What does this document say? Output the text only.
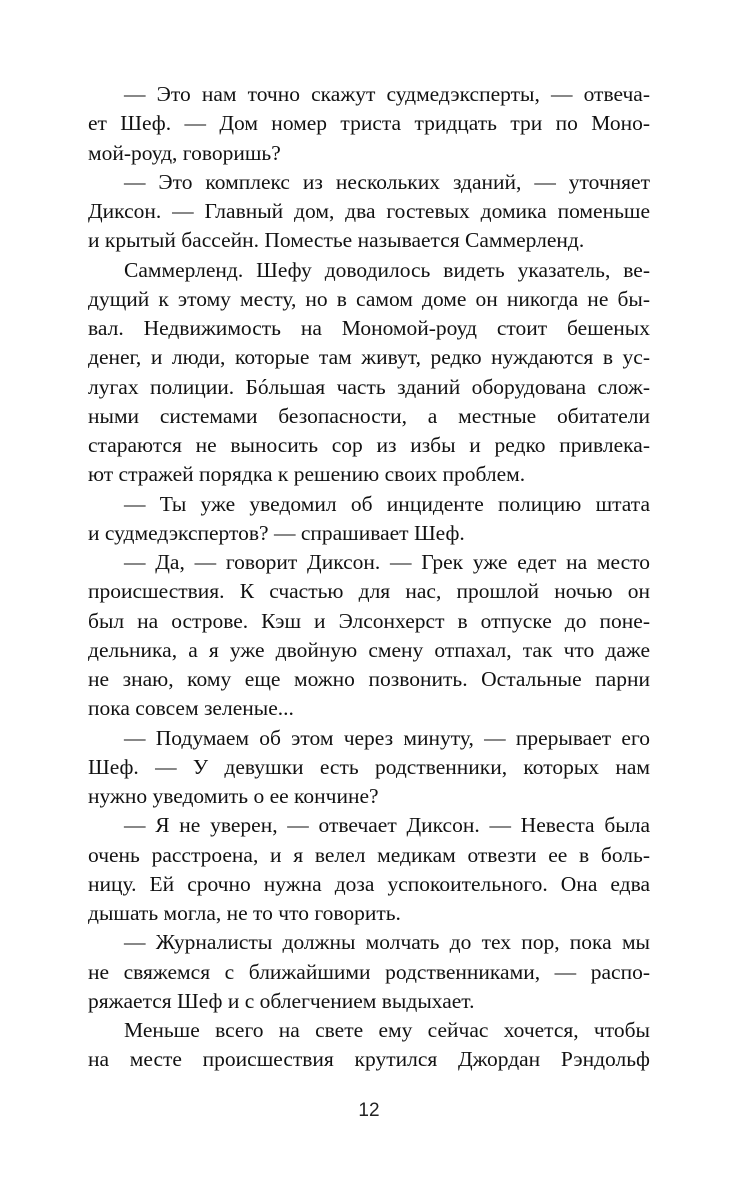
— Это нам точно скажут судмедэксперты, — отвеча-
ет Шеф. — Дом номер триста тридцать три по Моно-
мой-роуд, говоришь?
— Это комплекс из нескольких зданий, — уточняет
Диксон. — Главный дом, два гостевых домика поменьше
и крытый бассейн. Поместье называется Саммерленд.
Саммерленд. Шефу доводилось видеть указатель, ве-
дущий к этому месту, но в самом доме он никогда не бы-
вал. Недвижимость на Мономой-роуд стоит бешеных
денег, и люди, которые там живут, редко нуждаются в ус-
лугах полиции. Бóльшая часть зданий оборудована слож-
ными системами безопасности, а местные обитатели
стараются не выносить сор из избы и редко привлека-
ют стражей порядка к решению своих проблем.
— Ты уже уведомил об инциденте полицию штата
и судмедэкспертов? — спрашивает Шеф.
— Да, — говорит Диксон. — Грек уже едет на место
происшествия. К счастью для нас, прошлой ночью он
был на острове. Кэш и Элсонхерст в отпуске до поне-
дельника, а я уже двойную смену отпахал, так что даже
не знаю, кому еще можно позвонить. Остальные парни
пока совсем зеленые...
— Подумаем об этом через минуту, — прерывает его
Шеф. — У девушки есть родственники, которых нам
нужно уведомить о ее кончине?
— Я не уверен, — отвечает Диксон. — Невеста была
очень расстроена, и я велел медикам отвезти ее в боль-
ницу. Ей срочно нужна доза успокоительного. Она едва
дышать могла, не то что говорить.
— Журналисты должны молчать до тех пор, пока мы
не свяжемся с ближайшими родственниками, — распо-
ряжается Шеф и с облегчением выдыхает.
Меньше всего на свете ему сейчас хочется, чтобы
на месте происшествия крутился Джордан Рэндольф
12
